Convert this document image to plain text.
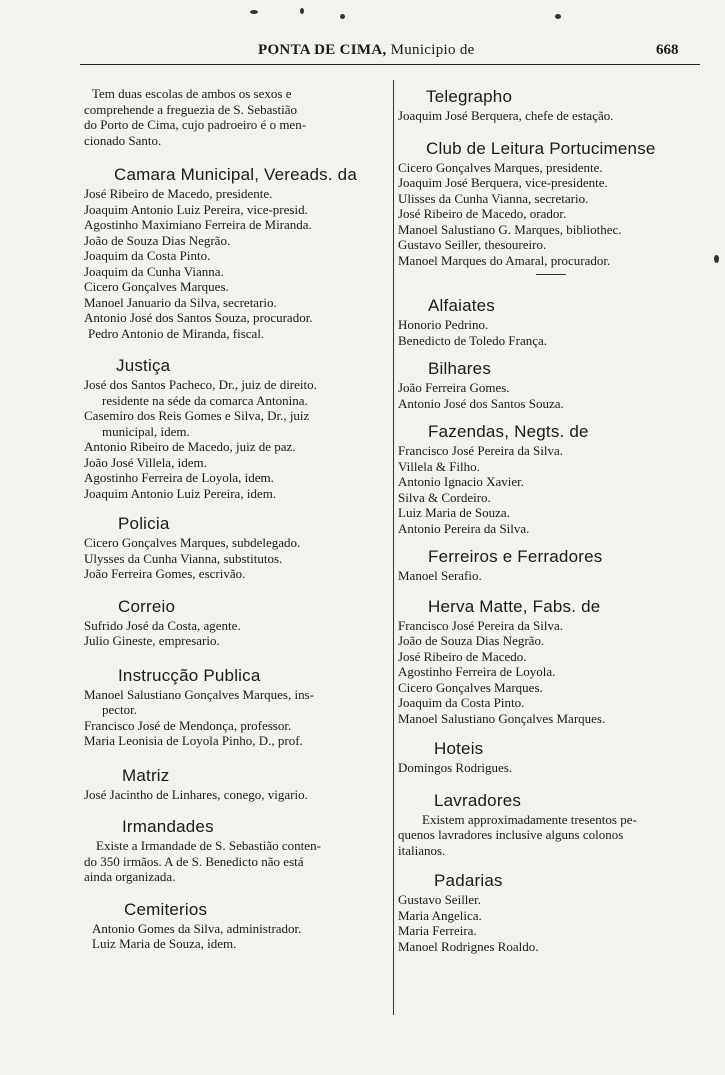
PONTA DE CIMA, Municipio de	668
Tem duas escolas de ambos os sexos e
comprehende a freguezia de S. Sebastião
do Porto de Cima, cujo padroeiro é o men-
cionado Santo.
Camara Municipal, Vereads. da
José Ribeiro de Macedo, presidente.
Joaquim Antonio Luiz Pereira, vice-presid.
Agostinho Maximiano Ferreira de Miranda.
João de Souza Dias Negrão.
Joaquim da Costa Pinto.
Joaquim da Cunha Vianna.
Cicero Gonçalves Marques.
Manoel Januario da Silva, secretario.
Antonio José dos Santos Souza, procurador.
Pedro Antonio de Miranda, fiscal.
Justiça
José dos Santos Pacheco, Dr., juiz de direito.
residente na séde da comarca Antonina.
Casemiro dos Reis Gomes e Silva, Dr., juiz
municipal, idem.
Antonio Ribeiro de Macedo, juiz de paz.
João José Villela, idem.
Agostinho Ferreira de Loyola, idem.
Joaquim Antonio Luiz Pereira, idem.
Policia
Cicero Gonçalves Marques, subdelegado.
Ulysses da Cunha Vianna, substitutos.
João Ferreira Gomes, escrivão.
Correio
Sufrido José da Costa, agente.
Julio Gineste, empresario.
Instrucção Publica
Manoel Salustiano Gonçalves Marques, ins-
pector.
Francisco José de Mendonça, professor.
Maria Leonisia de Loyola Pinho, D., prof.
Matriz
José Jacintho de Linhares, conego, vigario.
Irmandades
Existe a Irmandade de S. Sebastião conten-
do 350 irmãos. A de S. Benedicto não está
ainda organizada.
Cemiterios
Antonio Gomes da Silva, administrador.
Luiz Maria de Souza, idem.
Telegrapho
Joaquim José Berquera, chefe de estação.
Club de Leitura Portucimense
Cicero Gonçalves Marques, presidente.
Joaquim José Berquera, vice-presidente.
Ulisses da Cunha Vianna, secretario.
José Ribeiro de Macedo, orador.
Manoel Salustiano G. Marques, bibliothec.
Gustavo Seiller, thesoureiro.
Manoel Marques do Amaral, procurador.
Alfaiates
Honorio Pedrino.
Benedicto de Toledo França.
Bilhares
João Ferreira Gomes.
Antonio José dos Santos Souza.
Fazendas, Negts. de
Francisco José Pereira da Silva.
Villela & Filho.
Antonio Ignacio Xavier.
Silva & Cordeiro.
Luiz Maria de Souza.
Antonio Pereira da Silva.
Ferreiros e Ferradores
Manoel Serafio.
Herva Matte, Fabs. de
Francisco José Pereira da Silva.
João de Souza Dias Negrão.
José Ribeiro de Macedo.
Agostinho Ferreira de Loyola.
Cicero Gonçalves Marques.
Joaquim da Costa Pinto.
Manoel Salustiano Gonçalves Marques.
Hoteis
Domingos Rodrigues.
Lavradores
Existem approximadamente tresentos pe-
quenos lavradores inclusive alguns colonos
italianos.
Padarias
Gustavo Seiller.
Maria Angelica.
Maria Ferreira.
Manoel Rodrignes Roaldo.
